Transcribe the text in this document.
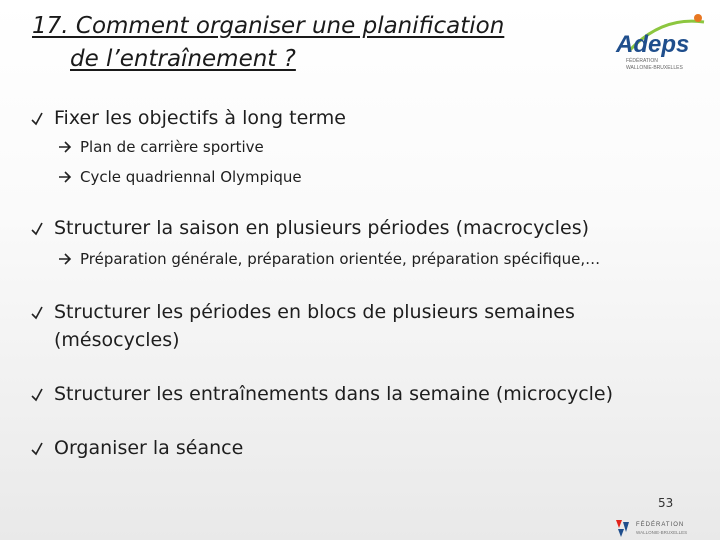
17. Comment organiser une planification
de l’entraînement ?
Adeps
FÉDÉRATION
WALLONIE-BRUXELLES
Fixer les objectifs à long terme
Plan de carrière sportive
Cycle quadriennal Olympique
Structurer la saison en plusieurs périodes (macrocycles)
Préparation générale, préparation orientée, préparation spécifique,…
Structurer les périodes en blocs de plusieurs semaines
(mésocycles)
Structurer les entraînements dans la semaine (microcycle)
Organiser la séance
53
FÉDÉRATION
WALLONIE-BRUXELLES
